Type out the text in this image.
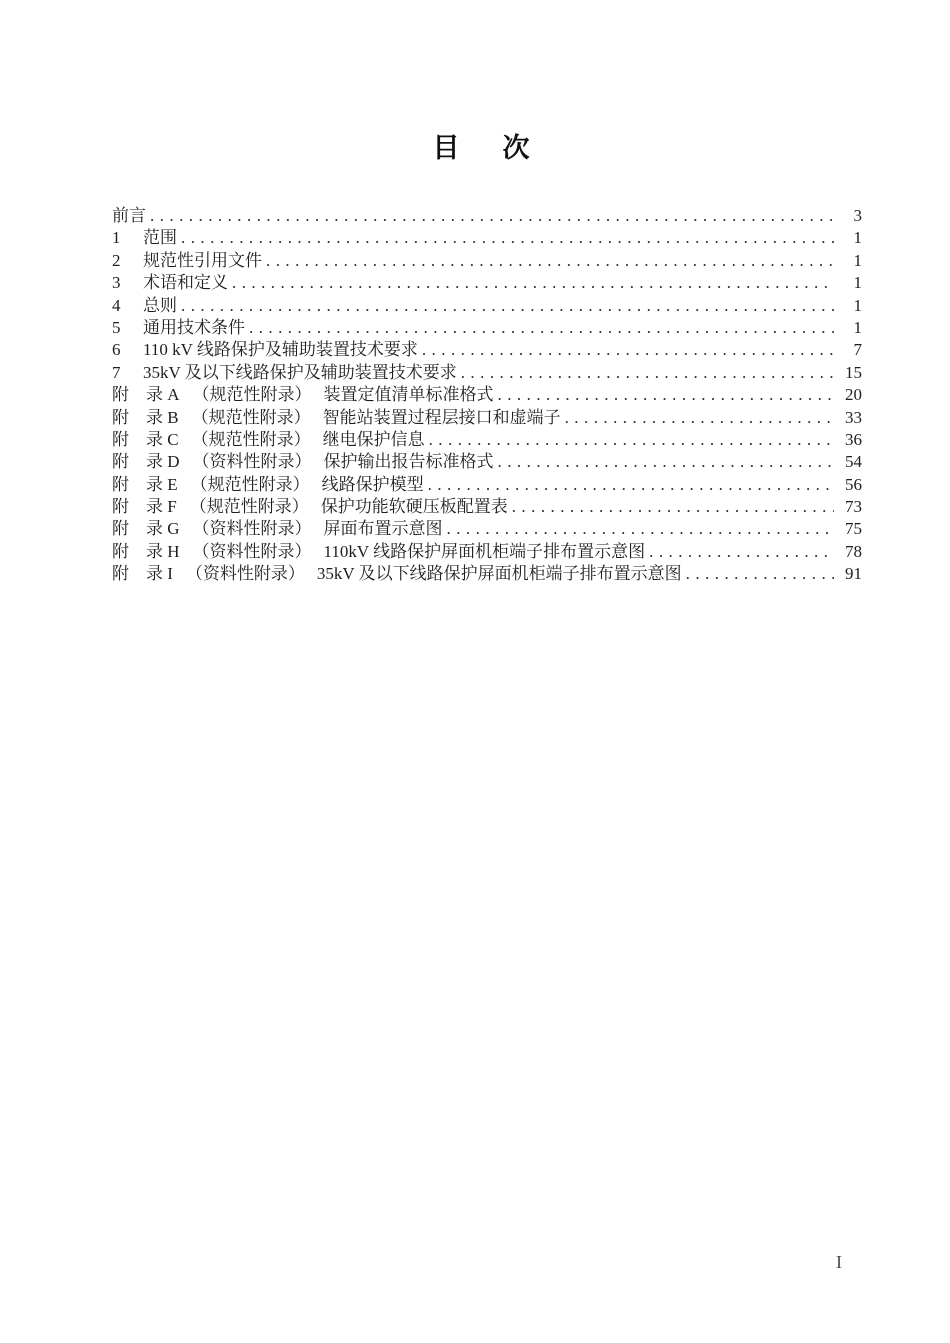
目　次
前言 . . .	3
1	范围 . . .	1
2	规范性引用文件 . . .	1
3	术语和定义 . . .	1
4	总则 . . .	1
5	通用技术条件 . . .	1
6	110 kV 线路保护及辅助装置技术要求 . . .	7
7	35kV 及以下线路保护及辅助装置技术要求 . . .	15
附　录 A （规范性附录） 装置定值清单标准格式 . . .	20
附　录 B （规范性附录） 智能站装置过程层接口和虚端子 . . .	33
附　录 C （规范性附录） 继电保护信息 . . .	36
附　录 D （资料性附录） 保护输出报告标准格式 . . .	54
附　录 E （规范性附录） 线路保护模型 . . .	56
附　录 F （规范性附录） 保护功能软硬压板配置表 . . .	73
附　录 G （资料性附录） 屏面布置示意图 . . .	75
附　录 H （资料性附录） 110kV 线路保护屏面机柜端子排布置示意图 . . .	78
附　录 I （资料性附录） 35kV 及以下线路保护屏面机柜端子排布置示意图 . . .	91
I
